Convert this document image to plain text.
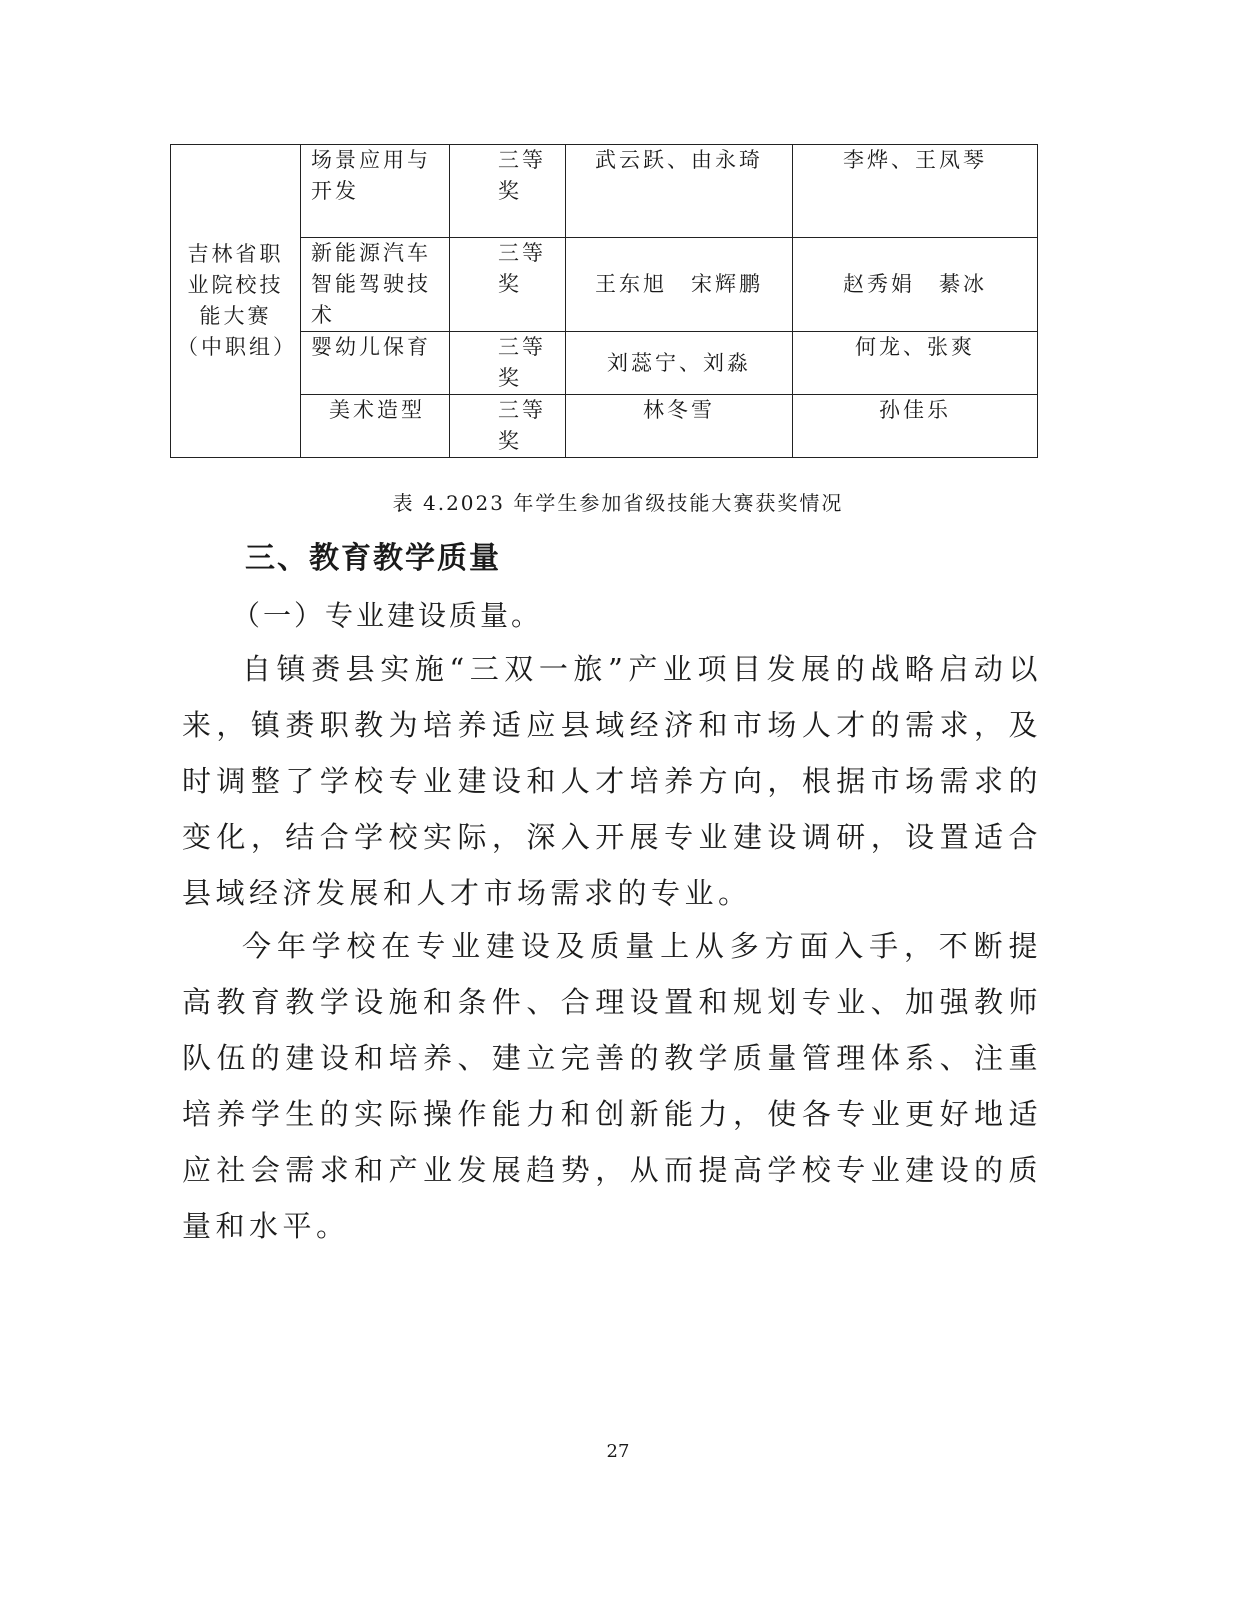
吉林省职业院校技能大赛（中职组）	场景应用与开发	三等奖	武云跃、由永琦	李烨、王凤琴
	新能源汽车智能驾驶技术	三等奖	王东旭　宋辉鹏	赵秀娟　綦冰
	婴幼儿保育	三等奖	刘蕊宁、刘淼	何龙、张爽
	美术造型	三等奖	林冬雪	孙佳乐
表 4.2023 年学生参加省级技能大赛获奖情况
三、教育教学质量
（一）专业建设质量。

自镇赉县实施“三双一旅”产业项目发展的战略启动以来，镇赉职教为培养适应县域经济和市场人才的需求，及时调整了学校专业建设和人才培养方向，根据市场需求的变化，结合学校实际，深入开展专业建设调研，设置适合县域经济发展和人才市场需求的专业。

今年学校在专业建设及质量上从多方面入手，不断提高教育教学设施和条件、合理设置和规划专业、加强教师队伍的建设和培养、建立完善的教学质量管理体系、注重培养学生的实际操作能力和创新能力，使各专业更好地适应社会需求和产业发展趋势，从而提高学校专业建设的质量和水平。

27
